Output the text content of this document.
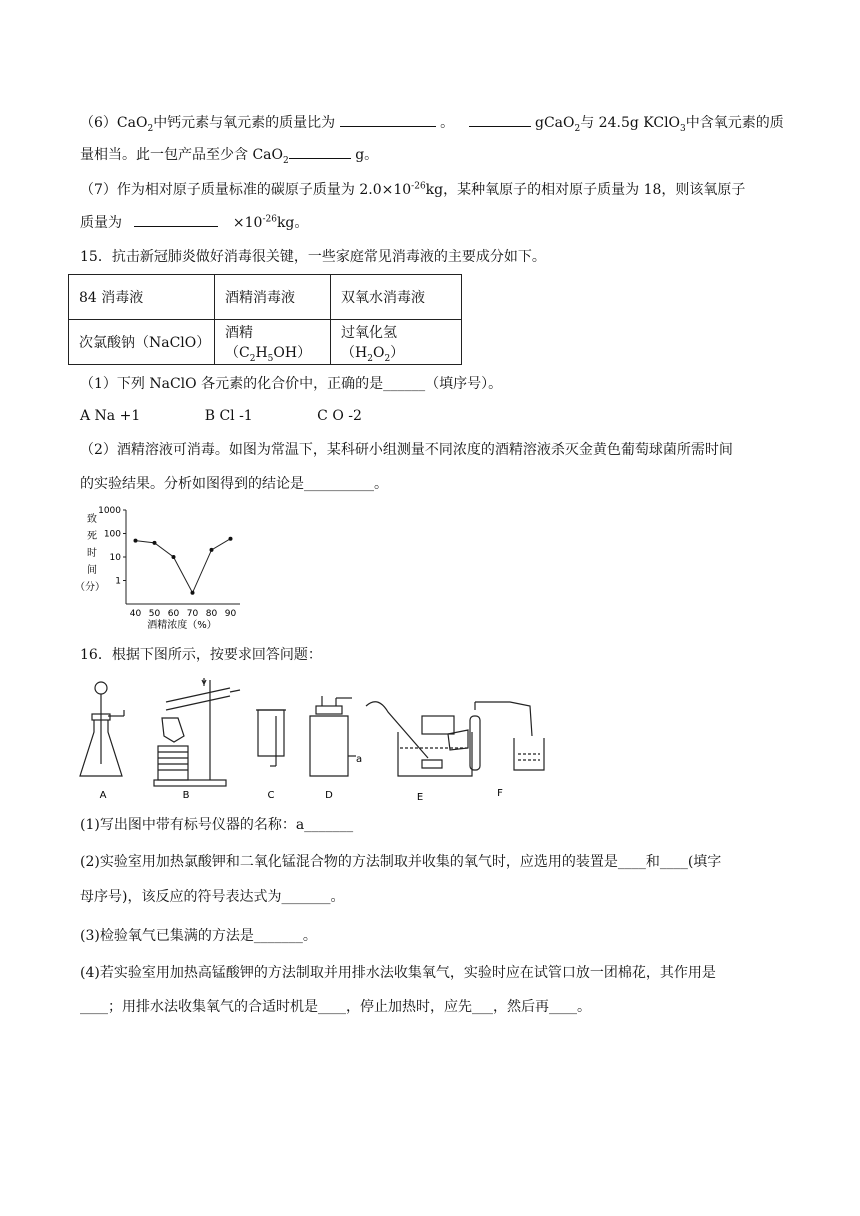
（6）CaO$_2$中钙元素与氧元素的质量比为	。	gCaO$_2$与 24.5g KClO$_3$中含氧元素的质
量相当。此一包产品至少含 CaO$_2$	g。
（7）作为相对原子质量标准的碳原子质量为 $2.0\times 10^{-26}kg$，某种氧原子的相对原子质量为 18，则该氧原子
质量为	$\times 10^{-26}kg$。
15．抗击新冠肺炎做好消毒很关键，一些家庭常见消毒液的主要成分如下。
84 消毒液	酒精消毒液	双氧水消毒液
次氯酸钠（NaClO）	酒精$(C_2H_5OH)$	过氧化氢$(H_2O_2)$
（1）下列 NaClO 各元素的化合价中，正确的是______（填序号）。
A Na +1	B Cl -1	C O -2
（2）酒精溶液可消毒。如图为常温下，某科研小组测量不同浓度的酒精溶液杀灭金黄色葡萄球菌所需时间
的实验结果。分析如图得到的结论是__________。
致
死
时
间
（分）
1000
100
10
1
40 50 60 70 80 90
酒精浓度（%）
16．根据下图所示，按要求回答问题：
a
A	B	C	D	E	F
(1)写出图中带有标号仪器的名称：a_______
(2)实验室用加热氯酸钾和二氧化锰混合物的方法制取并收集的氧气时，应选用的装置是____和____(填字
母序号)，该反应的符号表达式为_______。
(3)检验氧气已集满的方法是_______。
(4)若实验室用加热高锰酸钾的方法制取并用排水法收集氧气，实验时应在试管口放一团棉花，其作用是
____；用排水法收集氧气的合适时机是____，停止加热时，应先___，然后再____。
